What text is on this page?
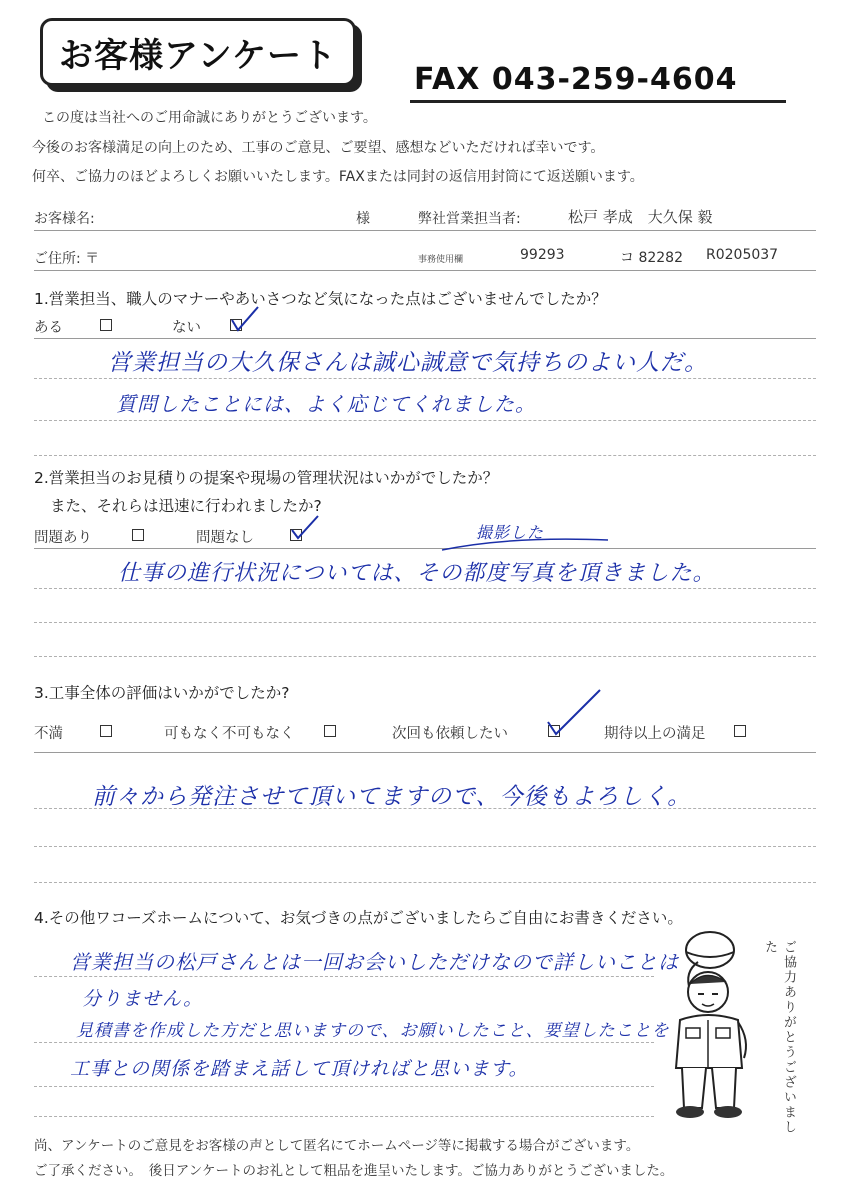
お客様アンケート
FAX 043-259-4604
この度は当社へのご用命誠にありがとうございます。
今後のお客様満足の向上のため、工事のご意見、ご要望、感想などいただければ幸いです。
何卒、ご協力のほどよろしくお願いいたします。FAXまたは同封の返信用封筒にて返送願います。
お客様名:	様	弊社営業担当者:	松戸 孝成　大久保 毅
ご住所: 〒	事務使用欄	99293	コ 82282 R0205037
1.営業担当、職人のマナーやあいさつなど気になった点はございませんでしたか？
ある	ない
営業担当の大久保さんは誠心誠意で気持ちのよい人だ。
質問したことには、よく応じてくれました。
2.営業担当のお見積りの提案や現場の管理状況はいかがでしたか？
また、それらは迅速に行われましたか?
問題あり	問題なし	撮影した
仕事の進行状況については、その都度写真を頂きました。
3.工事全体の評価はいかがでしたか?
不満	可もなく不可もなく	次回も依頼したい	期待以上の満足
前々から発注させて頂いてますので、今後もよろしく。
4.その他ワコーズホームについて、お気づきの点がございましたらご自由にお書きください。
営業担当の松戸さんとは一回お会いしただけなので詳しいことは
分りません。
見積書を作成した方だと思いますので、お願いしたこと、要望したことを
工事との関係を踏まえ話して頂ければと思います。	ご協力ありがとうございました
尚、アンケートのご意見をお客様の声として匿名にてホームページ等に掲載する場合がございます。
ご了承ください。　後日アンケートのお礼として粗品を進呈いたします。ご協力ありがとうございました。
